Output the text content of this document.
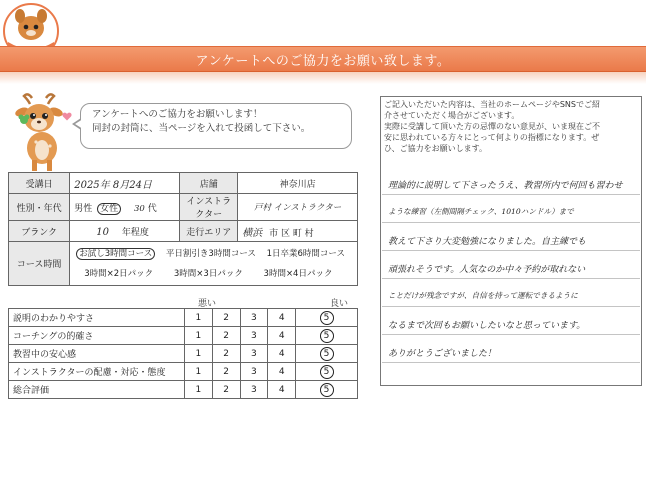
アンケートへのご協力をお願い致します。
アンケートへのご協力をお願いします！
同封の封筒に、当ページを入れて投函して下さい。
受講日	2025年 8月24日	店舗	神奈川店
性別・年代	男性 女性 30 代	インストラクター	戸村 インストラクター
ブランク	10 年程度	走行エリア	横浜 市 区 町 村
コース時間	お試し3時間コース 平日割引き3時間コース 1日卒業6時間コース
3時間×2日パック 3時間×3日パック 3時間×4日パック		
悪い	良い
説明のわかりやすさ	1	2	3	4	5
コーチングの的確さ	1	2	3	4	5
教習中の安心感	1	2	3	4	5
インストラクターの配慮・対応・態度	1	2	3	4	5
総合評価	1	2	3	4	5
ご記入いただいた内容は、当社のホームページやSNSでご紹
介させていただく場合がございます。
実際に受講して頂いた方の忌憚のない意見が、いま現在ご不
安に思われている方々にとって何よりの指標になります。ぜ
ひ、ご協力をお願いします。
理論的に説明して下さったうえ、教習所内で何回も習わせ
ような練習（左側間隔チェック、1010ハンドル）まで
教えて下さり大変勉強になりました。自主練でも
頑張れそうです。人気なのか中々予約が取れない
ことだけが残念ですが、自信を持って運転できるように
なるまで次回もお願いしたいなと思っています。
ありがとうございました！
